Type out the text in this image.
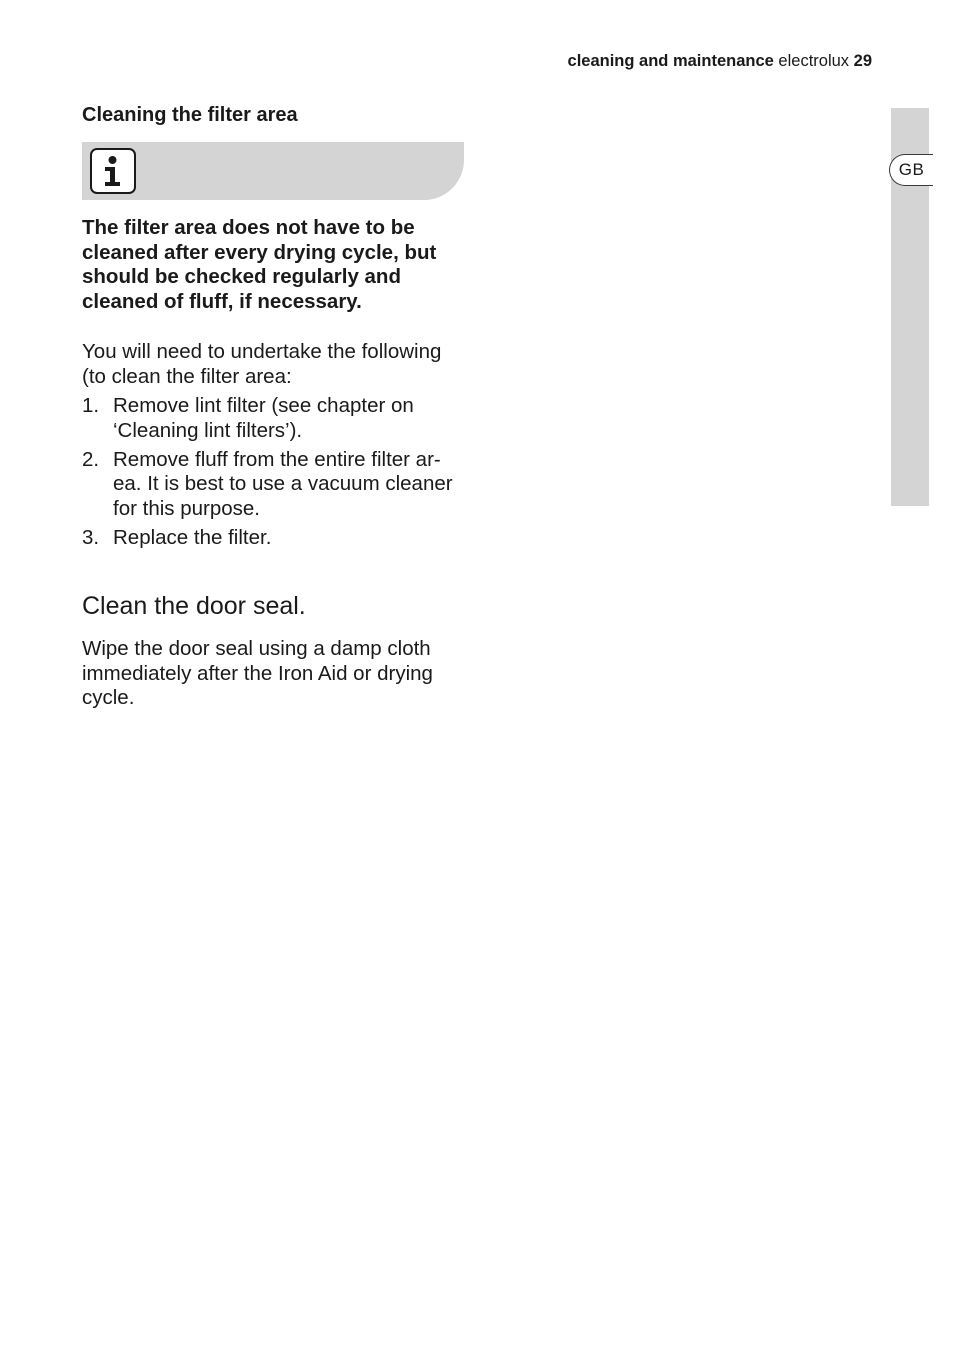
cleaning and maintenance electrolux 29
GB
Cleaning the filter area

The filter area does not have to be
cleaned after every drying cycle, but
should be checked regularly and
cleaned of fluff, if necessary.

You will need to undertake the following
(to clean the filter area:

1. Remove lint filter (see chapter on
‘Cleaning lint filters’).
2. Remove fluff from the entire filter ar-
ea. It is best to use a vacuum cleaner
for this purpose.
3. Replace the filter.
Clean the door seal.

Wipe the door seal using a damp cloth
immediately after the Iron Aid or drying
cycle.
